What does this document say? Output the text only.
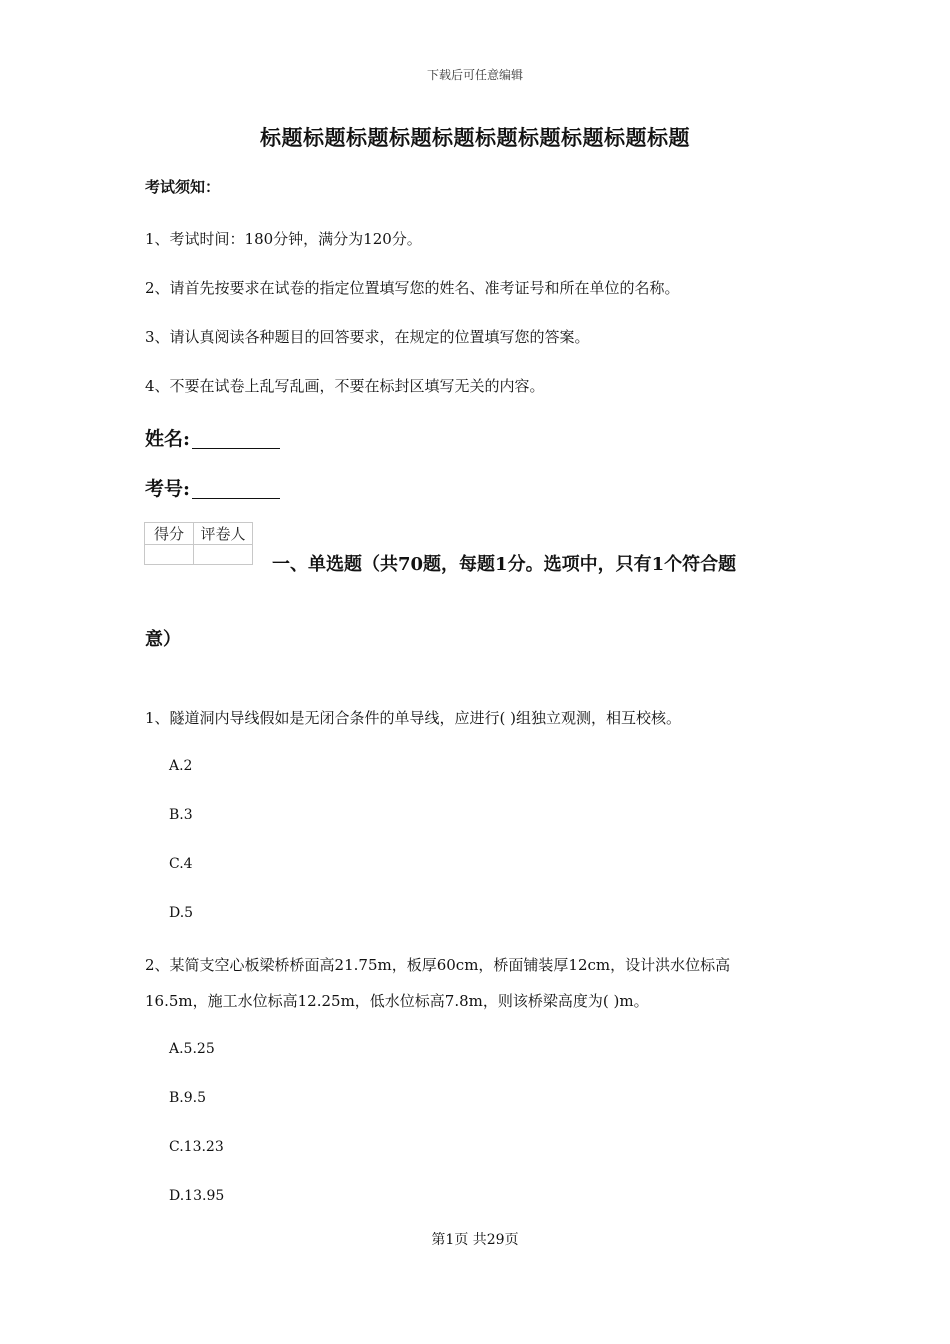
下载后可任意编辑
标题标题标题标题标题标题标题标题标题标题
考试须知：
1、考试时间：180分钟，满分为120分。
2、请首先按要求在试卷的指定位置填写您的姓名、准考证号和所在单位的名称。
3、请认真阅读各种题目的回答要求，在规定的位置填写您的答案。
4、不要在试卷上乱写乱画，不要在标封区填写无关的内容。
姓名:
考号:
得分	评卷人

一、单选题（共70题，每题1分。选项中，只有1个符合题
意）
1、隧道洞内导线假如是无闭合条件的单导线，应进行( )组独立观测，相互校核。
A.2
B.3
C.4
D.5
2、某简支空心板梁桥桥面高21.75m，板厚60cm，桥面铺装厚12cm，设计洪水位标高
16.5m，施工水位标高12.25m，低水位标高7.8m，则该桥梁高度为( )m。
A.5.25
B.9.5
C.13.23
D.13.95
第1页 共29页
